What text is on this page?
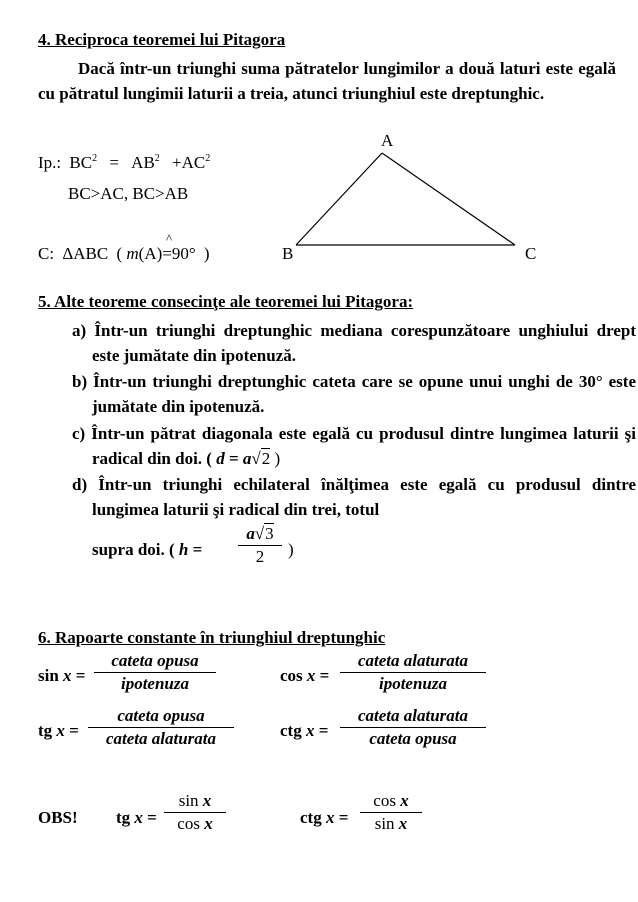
4. Reciproca teoremei lui Pitagora
Dacă într-un triunghi suma pătratelor lungimilor a două laturi este egală cu pătratul lungimii laturii a treia, atunci triunghiul este dreptunghic.
Ip.: $BC^2 = AB^2 +AC^2$
BC>AC, BC>AB
C: ΔABC ( m(A)=90° )
^
A
B	C
5. Alte teoreme consecinţe ale teoremei lui Pitagora:
a) Într-un triunghi dreptunghic mediana corespunzătoare unghiului drept este jumătate din ipotenuză.
b) Într-un triunghi dreptunghic cateta care se opune unui unghi de 30° este jumătate din ipotenuză.
c) Într-un pătrat diagonala este egală cu produsul dintre lungimea laturii şi radical din doi. ( d = a√2 )
d) Într-un triunghi echilateral înălţimea este egală cu produsul dintre lungimea laturii şi radical din trei, totul
supra doi. ( h =
a√3
2	)
6. Rapoarte constante în triunghiul dreptunghic
sin x =
cateta opusa
ipotenuza	cos x =
cateta alaturata
ipotenuza
tg x =
cateta opusa
cateta alaturata	ctg x =
cateta alaturata
cateta opusa
OBS! tg x =
sin x
cos x	ctg x =
cos x
sin x
